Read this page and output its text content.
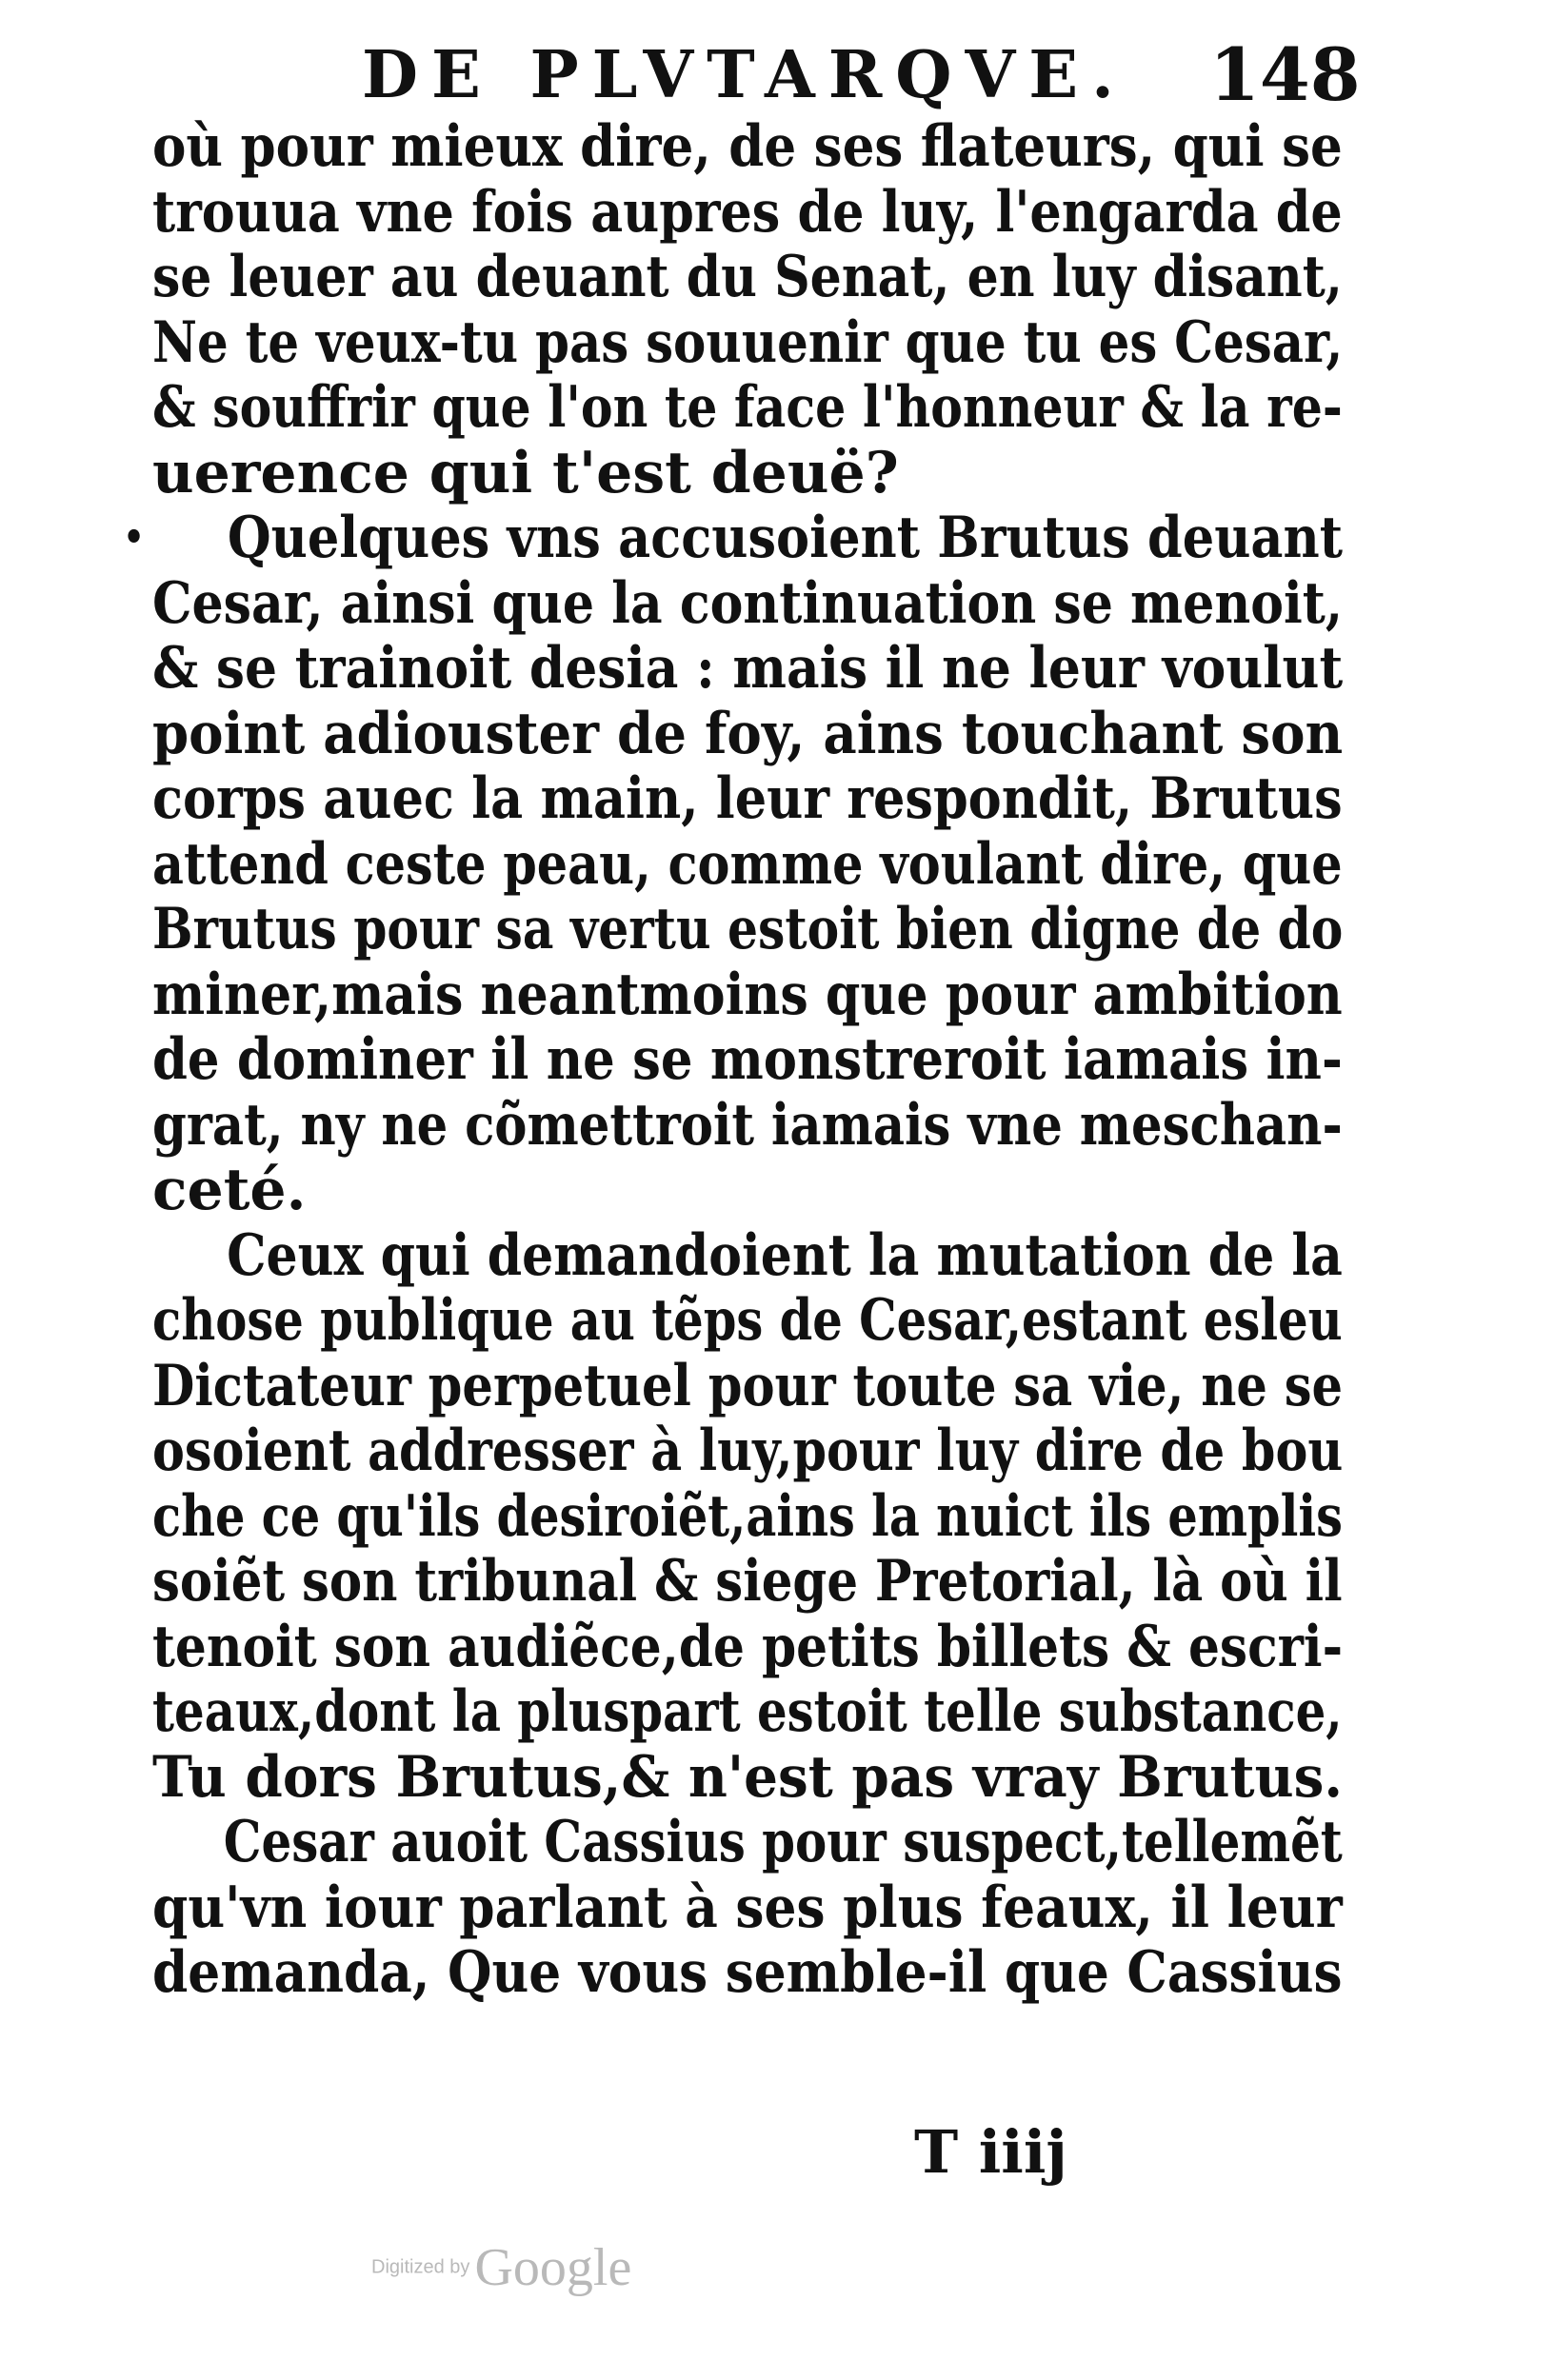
DE PLVTARQVE. 148
où pour mieux dire, de ses flateurs, qui se
trouua vne fois aupres de luy, l'engarda de
se leuer au deuant du Senat, en luy disant,
Ne te veux-tu pas souuenir que tu es Cesar,
& souffrir que l'on te face l'honneur & la re-
uerence qui t'est deuë?
• Quelques vns accusoient Brutus deuant
Cesar, ainsi que la continuation se menoit,
& se trainoit desia : mais il ne leur voulut
point adiouster de foy, ains touchant son
corps auec la main, leur respondit, Brutus
attend ceste peau, comme voulant dire, que
Brutus pour sa vertu estoit bien digne de do
miner,mais neantmoins que pour ambition
de dominer il ne se monstreroit iamais in-
grat, ny ne cõmettroit iamais vne meschan-
ceté.
Ceux qui demandoient la mutation de la
chose publique au tẽps de Cesar,estant esleu
Dictateur perpetuel pour toute sa vie, ne se
osoient addresser à luy,pour luy dire de bou
che ce qu'ils desiroiẽt,ains la nuict ils emplis
soiẽt son tribunal & siege Pretorial, là où il
tenoit son audiẽce,de petits billets & escri-
teaux,dont la pluspart estoit telle substance,
Tu dors Brutus,& n'est pas vray Brutus.
Cesar auoit Cassius pour suspect,tellemẽt
qu'vn iour parlant à ses plus feaux, il leur
demanda, Que vous semble-il que Cassius
T iiij
Digitized by Google
